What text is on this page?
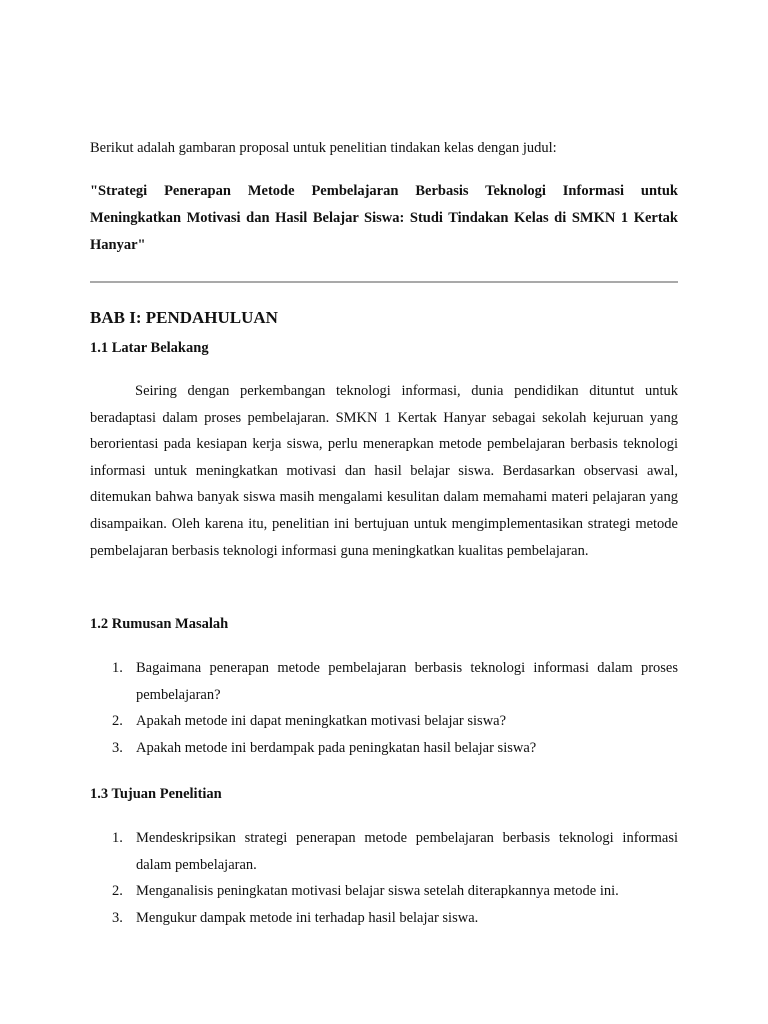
Berikut adalah gambaran proposal untuk penelitian tindakan kelas dengan judul:

"Strategi Penerapan Metode Pembelajaran Berbasis Teknologi Informasi untuk Meningkatkan Motivasi dan Hasil Belajar Siswa: Studi Tindakan Kelas di SMKN 1 Kertak Hanyar"

BAB I: PENDAHULUAN
1.1 Latar Belakang

Seiring dengan perkembangan teknologi informasi, dunia pendidikan dituntut untuk beradaptasi dalam proses pembelajaran. SMKN 1 Kertak Hanyar sebagai sekolah kejuruan yang berorientasi pada kesiapan kerja siswa, perlu menerapkan metode pembelajaran berbasis teknologi informasi untuk meningkatkan motivasi dan hasil belajar siswa. Berdasarkan observasi awal, ditemukan bahwa banyak siswa masih mengalami kesulitan dalam memahami materi pelajaran yang disampaikan. Oleh karena itu, penelitian ini bertujuan untuk mengimplementasikan strategi metode pembelajaran berbasis teknologi informasi guna meningkatkan kualitas pembelajaran.

1.2 Rumusan Masalah
1. Bagaimana penerapan metode pembelajaran berbasis teknologi informasi dalam proses pembelajaran?
2. Apakah metode ini dapat meningkatkan motivasi belajar siswa?
3. Apakah metode ini berdampak pada peningkatan hasil belajar siswa?
1.3 Tujuan Penelitian
1. Mendeskripsikan strategi penerapan metode pembelajaran berbasis teknologi informasi dalam pembelajaran.
2. Menganalisis peningkatan motivasi belajar siswa setelah diterapkannya metode ini.
3. Mengukur dampak metode ini terhadap hasil belajar siswa.
